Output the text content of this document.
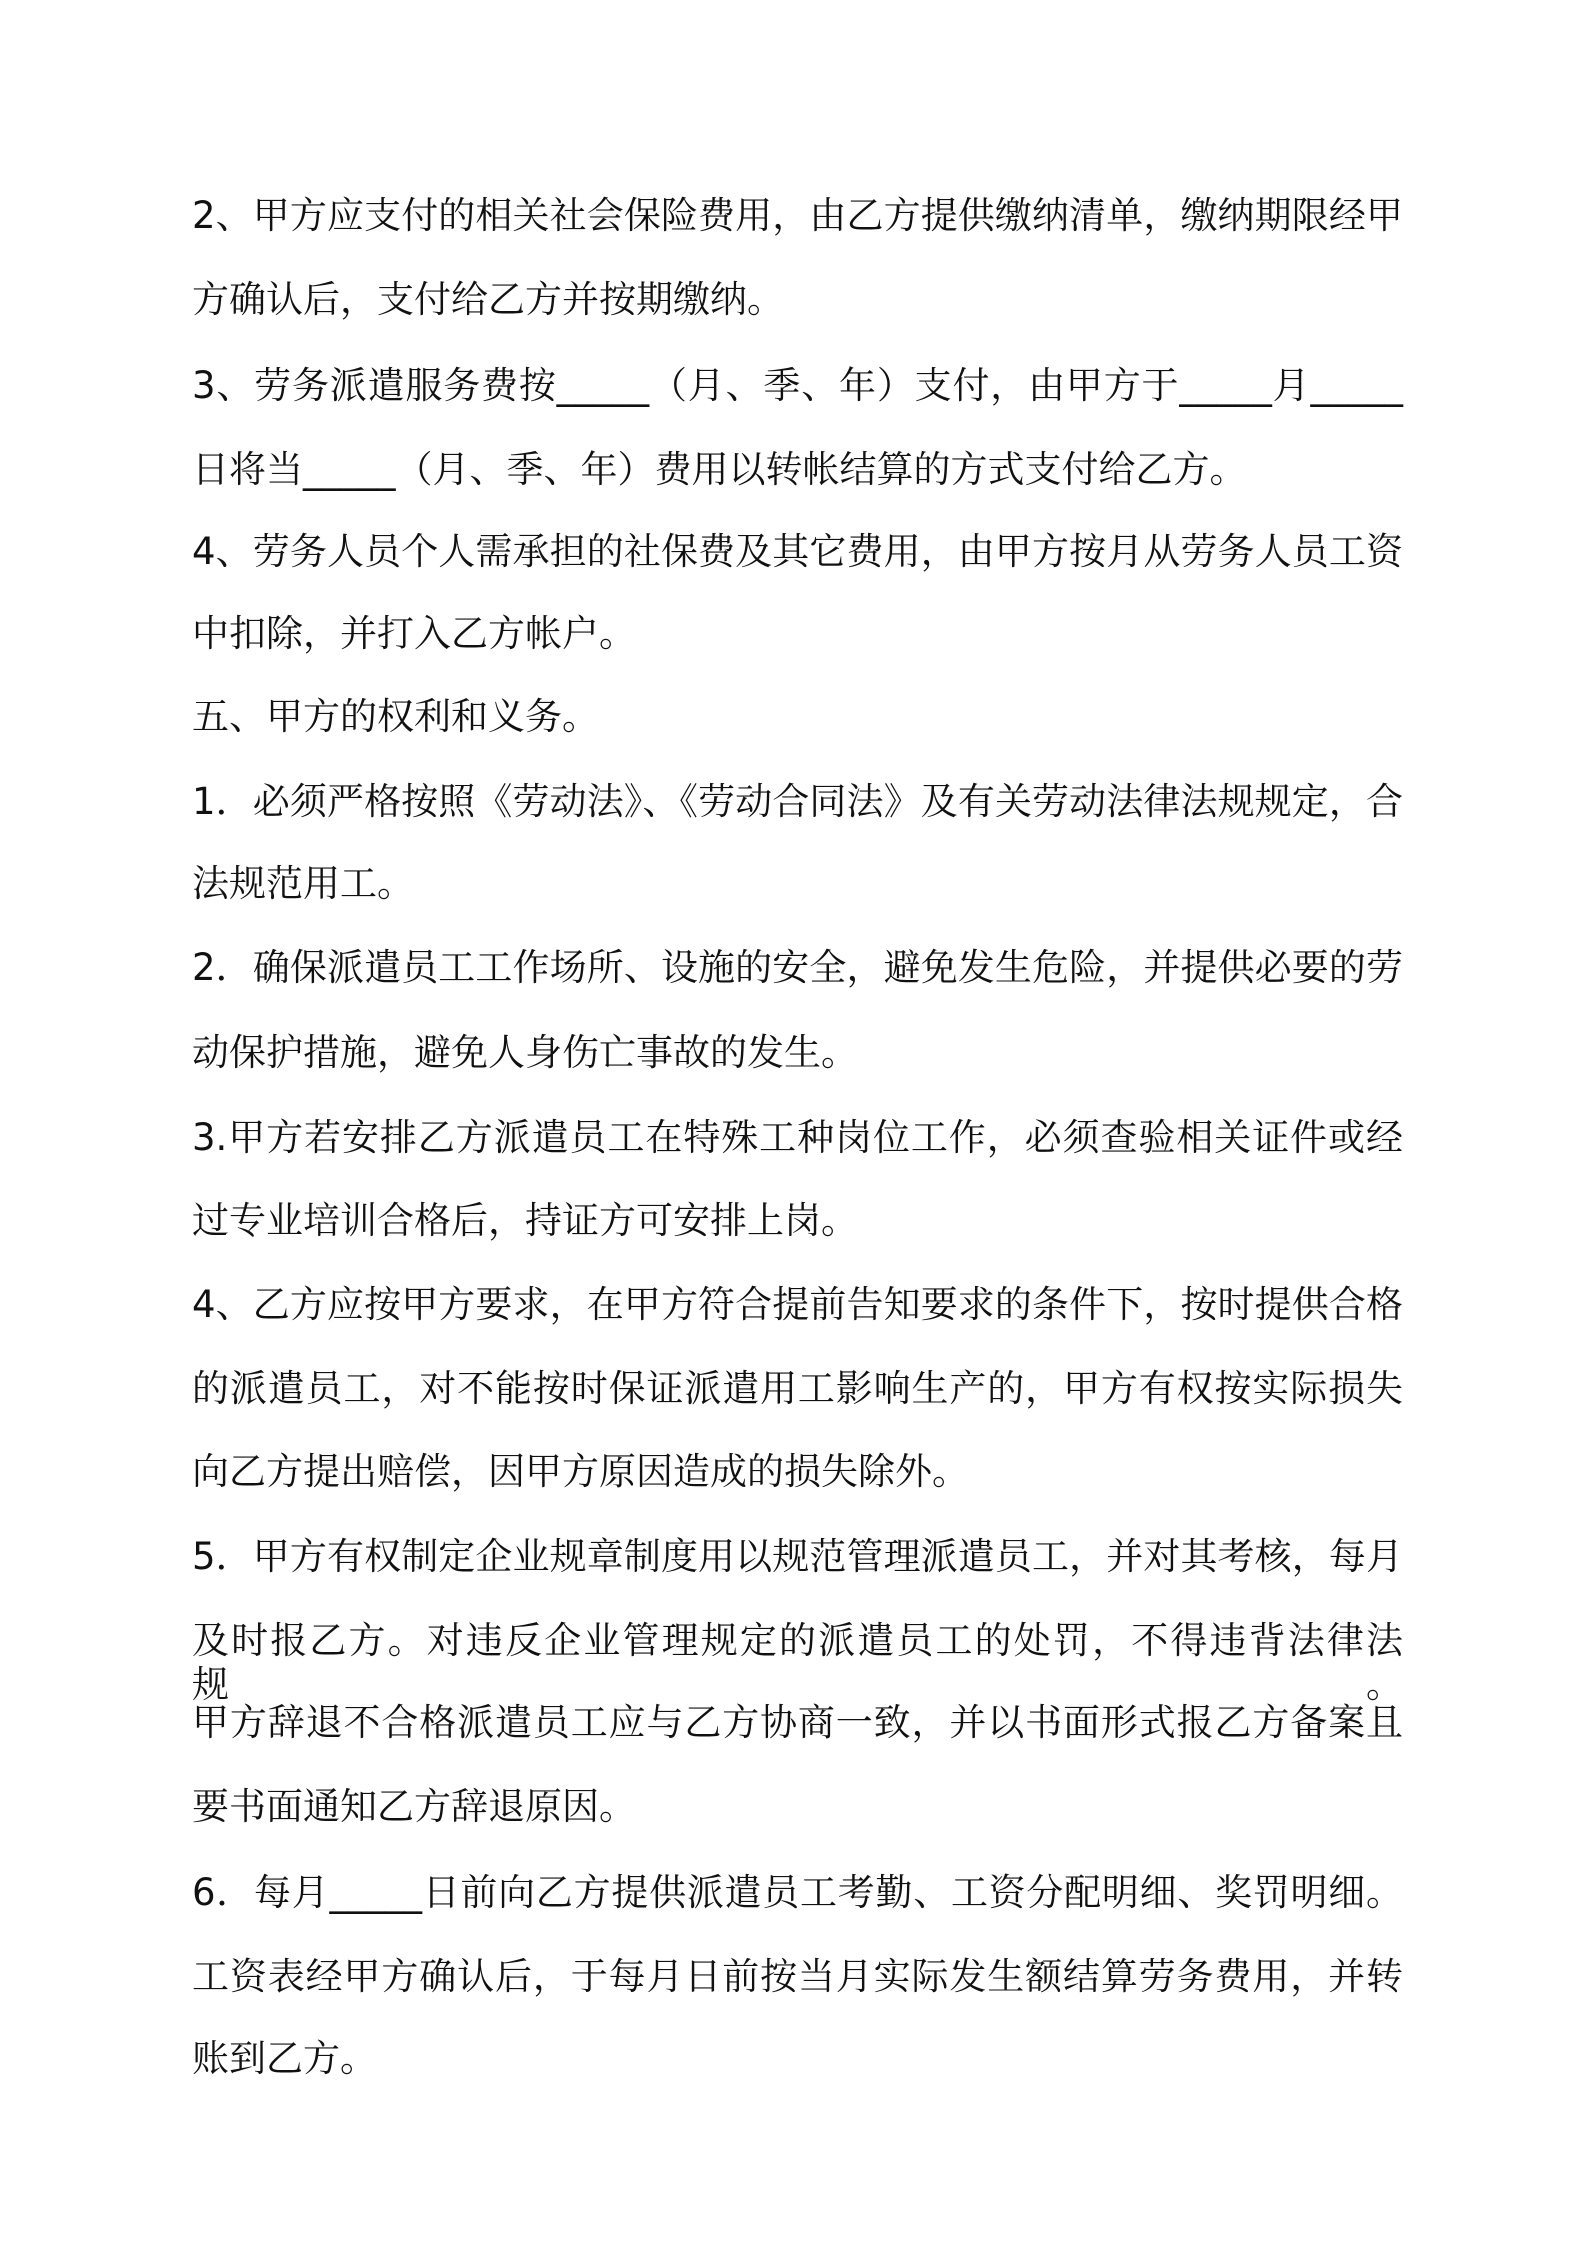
2、甲方应支付的相关社会保险费用，由乙方提供缴纳清单，缴纳期限经甲
方确认后，支付给乙方并按期缴纳。
3、劳务派遣服务费按_____（月、季、年）支付，由甲方于_____月_____
日将当_____（月、季、年）费用以转帐结算的方式支付给乙方。
4、劳务人员个人需承担的社保费及其它费用，由甲方按月从劳务人员工资
中扣除，并打入乙方帐户。
五、甲方的权利和义务。
1．必须严格按照《劳动法》、《劳动合同法》及有关劳动法律法规规定，合
法规范用工。
2．确保派遣员工工作场所、设施的安全，避免发生危险，并提供必要的劳
动保护措施，避免人身伤亡事故的发生。
3.甲方若安排乙方派遣员工在特殊工种岗位工作，必须查验相关证件或经
过专业培训合格后，持证方可安排上岗。
4、乙方应按甲方要求，在甲方符合提前告知要求的条件下，按时提供合格
的派遣员工，对不能按时保证派遣用工影响生产的，甲方有权按实际损失
向乙方提出赔偿，因甲方原因造成的损失除外。
5．甲方有权制定企业规章制度用以规范管理派遣员工，并对其考核，每月
及时报乙方。对违反企业管理规定的派遣员工的处罚，不得违背法律法规。
甲方辞退不合格派遣员工应与乙方协商一致，并以书面形式报乙方备案且
要书面通知乙方辞退原因。
6．每月_____日前向乙方提供派遣员工考勤、工资分配明细、奖罚明细。
工资表经甲方确认后，于每月日前按当月实际发生额结算劳务费用，并转
账到乙方。
